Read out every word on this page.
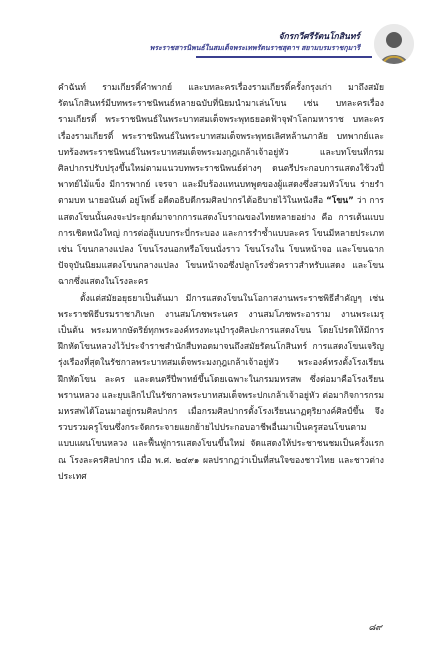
จักรกวีศรีรัตนโกสินทร์
พระราชสารนิพนธ์ในสมเด็จพระเทพรัตนราชสุดาฯ สยามบรมราชกุมารี

คำฉันท์ รามเกียรติ์คำพากย์ และบทละครเรื่องรามเกียรติ์ครั้งกรุงเก่า มาถึงสมัยรัตนโกสินทร์มีบทพระราชนิพนธ์หลายฉบับที่นิยมนำมาเล่นโขน เช่น บทละครเรื่องรามเกียรติ์ พระราชนิพนธ์ในพระบาทสมเด็จพระพุทธยอดฟ้าจุฬาโลกมหาราช บทละครเรื่องรามเกียรติ์ พระราชนิพนธ์ในพระบาทสมเด็จพระพุทธเลิศหล้านภาลัย บทพากย์และบทร้องพระราชนิพนธ์ในพระบาทสมเด็จพระมงกุฎเกล้าเจ้าอยู่หัว และบทโขนที่กรมศิลปากรปรับปรุงขึ้นใหม่ตามแนวบทพระราชนิพนธ์ต่างๆ ดนตรีประกอบการแสดงใช้วงปี่พาทย์ไม้แข็ง มีการพากย์ เจรจา และมีบร้องแทนบทพูดของผู้แสดงซึ่งสวมหัวโขน ร่ายรำตามบท นายอนันต์ อยู่โพธิ์ อดีตอธิบดีกรมศิลปากรได้อธิบายไว้ในหนังสือ “โขน” ว่า การแสดงโขนนั้นคงจะประยุกต์มาจากการแสดงโบราณของไทยหลายอย่าง คือ การเต้นแบบการเชิดหนังใหญ่ การต่อสู้แบบกระบี่กระบอง และการรำซ้ำแบบละคร โขนมีหลายประเภท เช่น โขนกลางแปลง โขนโรงนอกหรือโขนนั่งราว โขนโรงใน โขนหน้าจอ และโขนฉาก ปัจจุบันนิยมแสดงโขนกลางแปลง โขนหน้าจอซึ่งปลูกโรงชั่วคราวสำหรับแสดง และโขนฉากซึ่งแสดงในโรงละคร

ตั้งแต่สมัยอยุธยาเป็นต้นมา มีการแสดงโขนในโอกาสงานพระราชพิธีสำคัญๆ เช่น พระราชพิธีบรมราชาภิเษก งานสมโภชพระนคร งานสมโภชพระอาราม งานพระเมรุ เป็นต้น พระมหากษัตริย์ทุกพระองค์ทรงทะนุบำรุงศิลปะการแสดงโขน โดยโปรดให้มีการฝึกหัดโขนหลวงไว้ประจำราชสำนักสืบทอดมาจนถึงสมัยรัตนโกสินทร์ การแสดงโขนเจริญรุ่งเรืองที่สุดในรัชกาลพระบาทสมเด็จพระมงกุฎเกล้าเจ้าอยู่หัว พระองค์ทรงตั้งโรงเรียนฝึกหัดโขน ละคร และดนตรีปี่พาทย์ขึ้นโดยเฉพาะในกรมมหรสพ ซึ่งต่อมาคือโรงเรียนพรานหลวง และยุบเลิกไปในรัชกาลพระบาทสมเด็จพระปกเกล้าเจ้าอยู่หัว ต่อมากิจการกรมมหรสพได้โอนมาอยู่กรมศิลปากร เมื่อกรมศิลปากรตั้งโรงเรียนนาฏดุริยางค์ศิลป์ขึ้น จึงรวบรวมครูโขนซึ่งกระจัดกระจายแยกย้ายไปประกอบอาชีพอื่นมาเป็นครูสอนโขนตามแบบแผนโขนหลวง และฟื้นฟูการแสดงโขนขึ้นใหม่ จัดแสดงให้ประชาชนชมเป็นครั้งแรก ณ โรงละครศิลปากร เมื่อ พ.ศ. ๒๔๙๑ ผลปรากฏว่าเป็นที่สนใจของชาวไทย และชาวต่างประเทศ

๘๙
